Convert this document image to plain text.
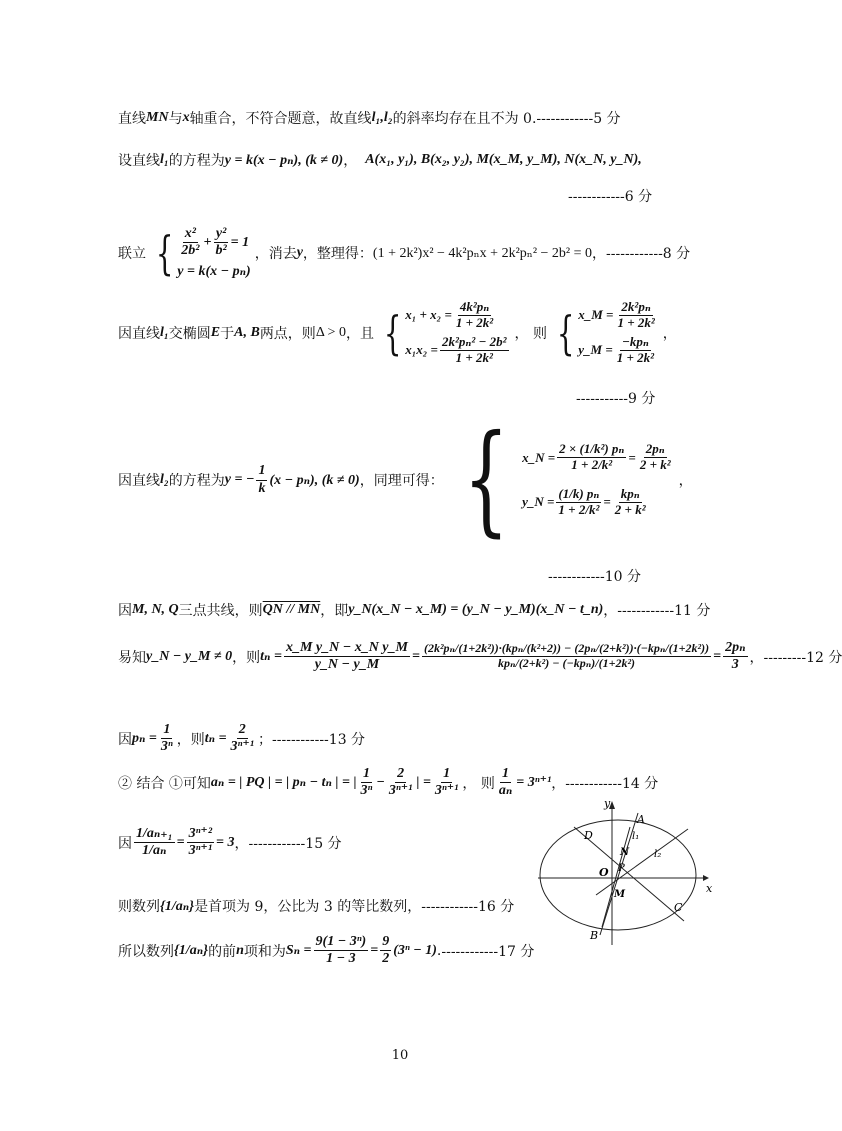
直线 MN 与 x 轴重合，不符合题意，故直线 l₁,l₂ 的斜率均存在且不为 0. ------------5 分
设直线 l₁ 的方程为 y = k(x − pₙ), (k ≠ 0) ， A(x₁, y₁), B(x₂, y₂), M(x_M, y_M), N(x_N, y_N),
------------6 分
联立 { $\frac{\text{x²}}{\text{2b²}} + \frac{\text{y²}}{\text{b²}} = 1$
y = k(x − pₙ)
，消去 y ，整理得： (1 + 2k²)x² − 4k²pₙx + 2k²pₙ² − 2b² = 0 ， ------------8 分
因直线 l₁ 交椭圆 E 于 A, B 两点，则 Δ > 0 ，且 { $x_1 + x_2 = \frac{\text{4k²pₙ}}{\text{1 + 2k²}}$
$x_1x_2 = \frac{\text{2k²pₙ² − 2b²}}{\text{1 + 2k²}}$
， 则 { x_M = $\frac{\text{2k²pₙ}}{\text{1 + 2k²}}$
y_M = $\frac{\text{−kpₙ}}{\text{1 + 2k²}}$
，
-----------9 分
因直线 l₂ 的方程为 y = − $\frac{1}{k} (x - p_n)$, (k ≠ 0) ，同理可得： { x_N = $\frac{\text{2 × (1/k²) pₙ}}{\text{1 + 2/k²}} = \frac{\text{2pₙ}}{\text{2 + k²}}$
y_N = $\frac{\text{(1/k) pₙ}}{\text{1 + 2/k²}} = \frac{\text{kpₙ}}{\text{2 + k²}}$
，
------------10 分
因 M, N, Q 三点共线，则 QN // MN ，即 y_N(x_N − x_M) = (y_N − y_M)(x_N − t_n) ， ------------11 分
易知 y_N − y_M ≠ 0 ，则 $t_n = \frac{\text{x\_M y\_N − x\_N y\_M}}{y\_N - y\_M} = \frac{\text{(2k²pₙ/(1+2k²))·(kpₙ/(k²+2)) − (2pₙ/(2+k²))·(−kpₙ/(1+2k²))}}{\text{kpₙ/(2+k²) − (−kpₙ)/(1+2k²)}} = \frac{\text{2pₙ}}{3}$ ， ---------12 分
因 $p_n = \frac{1}{\text{3ⁿ}}$ ，则 $t_n = \frac{2}{\text{3ⁿ⁺¹}}$ ； ------------13 分
② 结合 ①可知 aₙ = | PQ | = | pₙ − tₙ | = | $\frac{1}{\text{3ⁿ}} - \frac{2}{\text{3ⁿ⁺¹}}$ | = $\frac{1}{\text{3ⁿ⁺¹}}$ ， 则 $\frac{1}{\text{aₙ}} = 3^{n+1}$ ， ------------14 分
因 $\frac{\text{1/aₙ₊₁}}{\text{1/aₙ}} = \frac{\text{3ⁿ⁺²}}{\text{3ⁿ⁺¹}} = 3$ ， ------------15 分
则数列 {1/aₙ} 是首项为 9，公比为 3 的等比数列， ------------16 分
所以数列 {1/aₙ} 的前 n 项和为 $S_n = \frac{\text{9(1 − 3ⁿ)}}{1 - 3} = \frac{9}{2} (3^n - 1)$ . ------------17 分
y
x
A
B
C
D
M
N
O P
l₁
l₂
10
